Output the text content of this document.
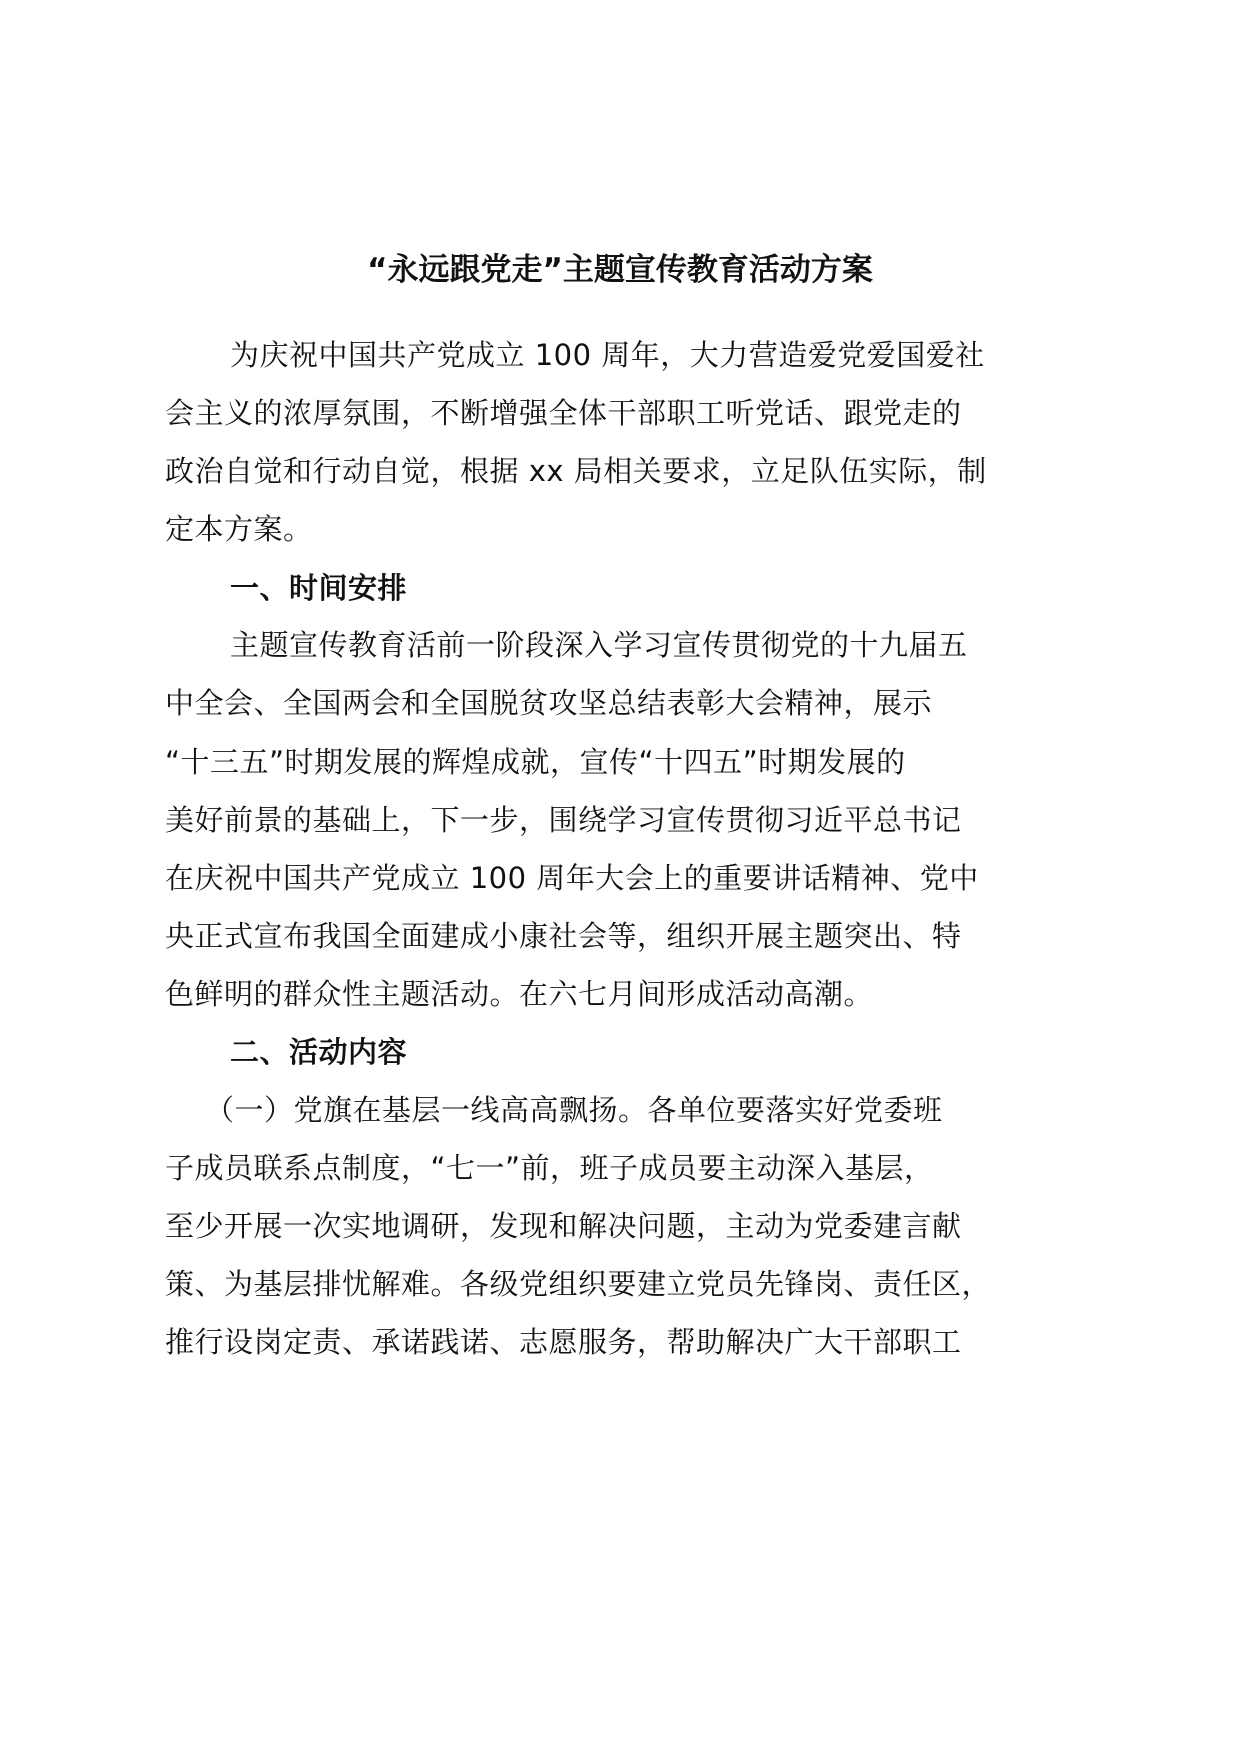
“永远跟党走”主题宣传教育活动方案
为庆祝中国共产党成立 100 周年，大力营造爱党爱国爱社
会主义的浓厚氛围，不断增强全体干部职工听党话、跟党走的
政治自觉和行动自觉，根据 xx 局相关要求，立足队伍实际，制
定本方案。
一、时间安排
主题宣传教育活前一阶段深入学习宣传贯彻党的十九届五
中全会、全国两会和全国脱贫攻坚总结表彰大会精神，展示
“十三五”时期发展的辉煌成就，宣传“十四五”时期发展的
美好前景的基础上，下一步，围绕学习宣传贯彻习近平总书记
在庆祝中国共产党成立 100 周年大会上的重要讲话精神、党中
央正式宣布我国全面建成小康社会等，组织开展主题突出、特
色鲜明的群众性主题活动。在六七月间形成活动高潮。
二、活动内容
（一）党旗在基层一线高高飘扬。各单位要落实好党委班
子成员联系点制度，“七一”前，班子成员要主动深入基层，
至少开展一次实地调研，发现和解决问题，主动为党委建言献
策、为基层排忧解难。各级党组织要建立党员先锋岗、责任区，
推行设岗定责、承诺践诺、志愿服务，帮助解决广大干部职工
